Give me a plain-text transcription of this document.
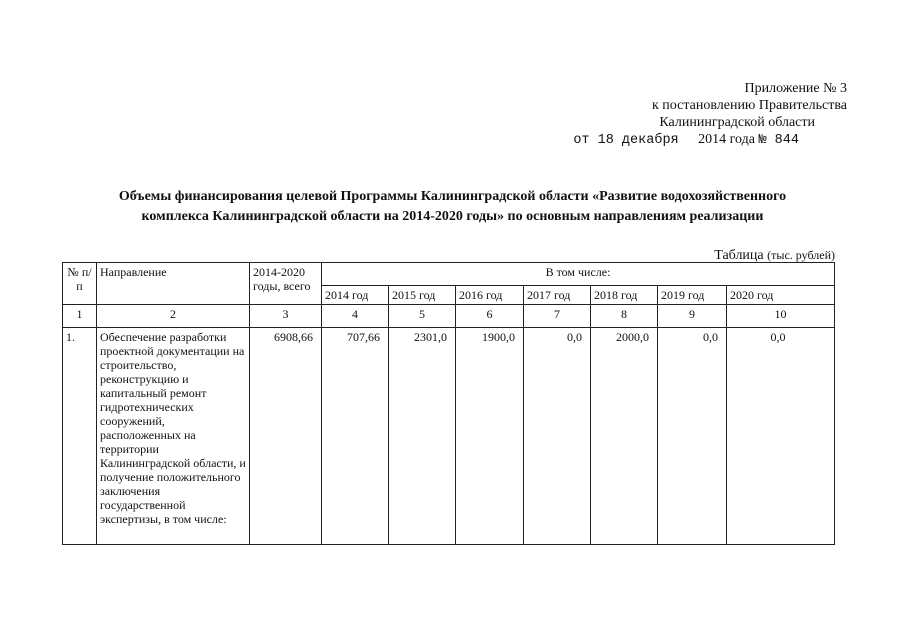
Приложение № 3
к постановлению Правительства
Калининградской области
от 18 декабря 2014 года № 844
Объемы финансирования целевой Программы Калининградской области «Развитие водохозяйственного
комплекса Калининградской области на 2014-2020 годы» по основным направлениям реализации
Таблица (тыс. рублей)
№ п/п	Направление	2014-2020 годы, всего	В том числе:						
			2014 год	2015 год	2016 год	2017 год	2018 год	2019 год	2020 год
1	2	3	4	5	6	7	8	9	10
1.	Обеспечение разработки проектной документации на строительство, реконструкцию и капитальный ремонт гидротехнических сооружений, расположенных на территории Калининградской области, и получение положительного заключения государственной экспертизы, в том числе:	6908,66	707,66	2301,0	1900,0	0,0	2000,0	0,0	0,0
